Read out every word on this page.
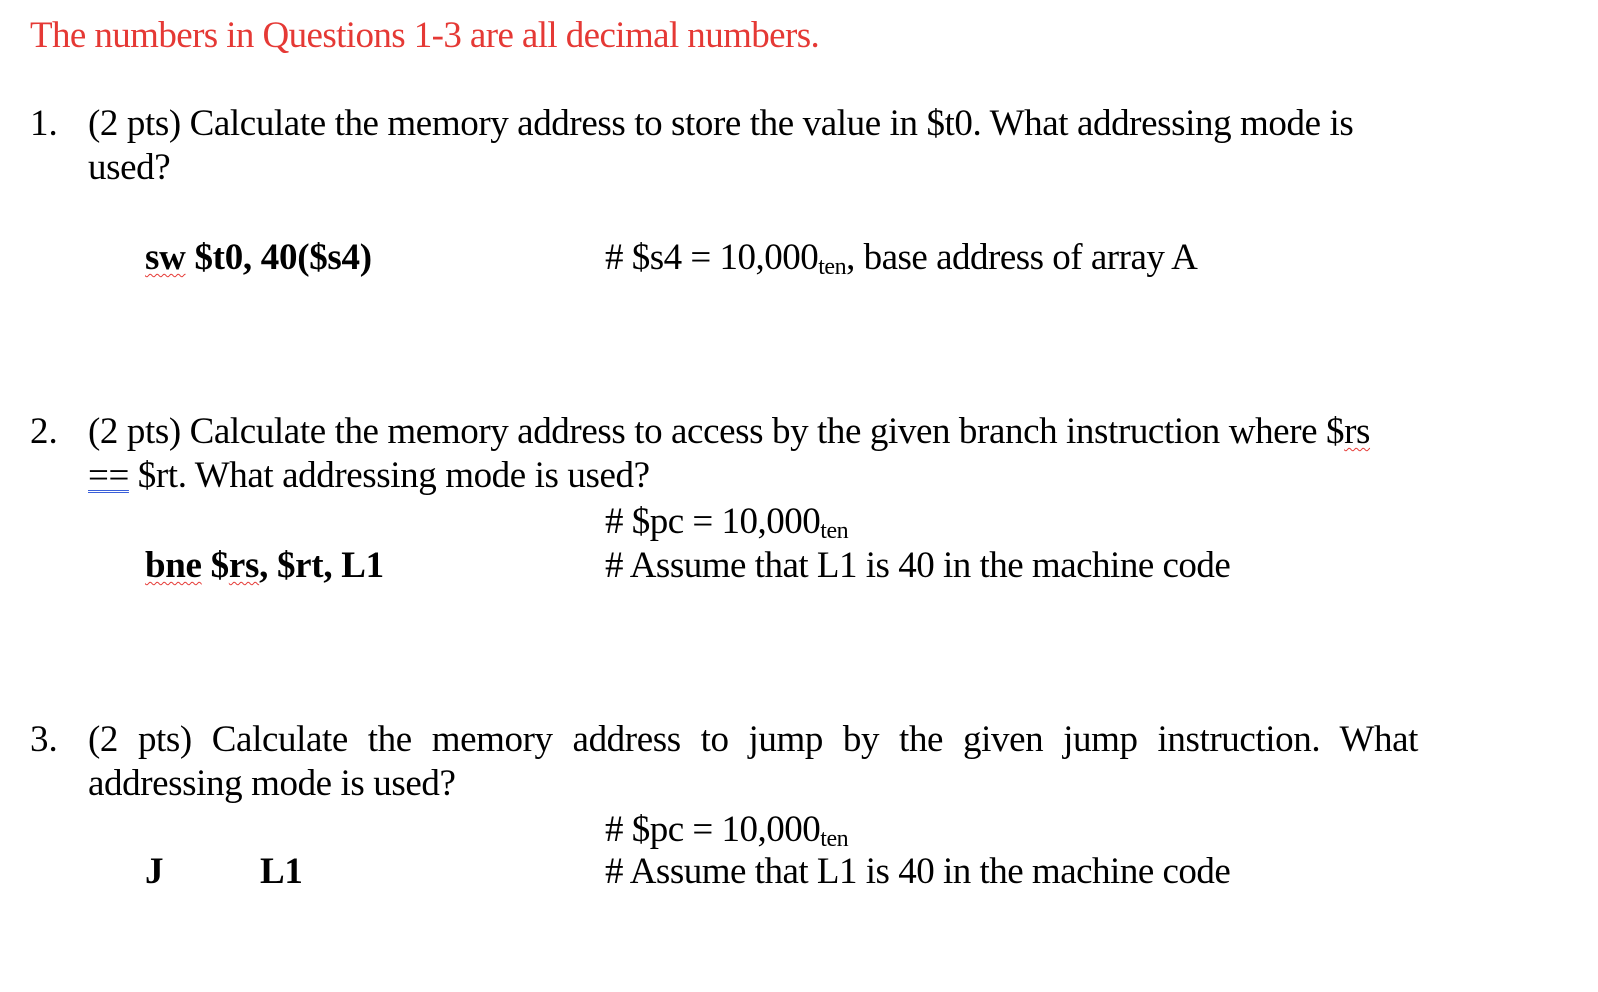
The numbers in Questions 1-3 are all decimal numbers.
1. (2 pts) Calculate the memory address to store the value in $t0. What addressing mode is used?
sw $t0, 40($s4)	# $s4 = $10,000_{ten}$, base address of array A
2. (2 pts) Calculate the memory address to access by the given branch instruction where $rs
== $rt. What addressing mode is used?
# $pc = $10,000_{ten}$
bne $rs, $rt, L1	# Assume that L1 is 40 in the machine code
3. (2 pts) Calculate the memory address to jump by the given jump instruction. What addressing mode is used?
# $pc = $10,000_{ten}$
J	L1	# Assume that L1 is 40 in the machine code
